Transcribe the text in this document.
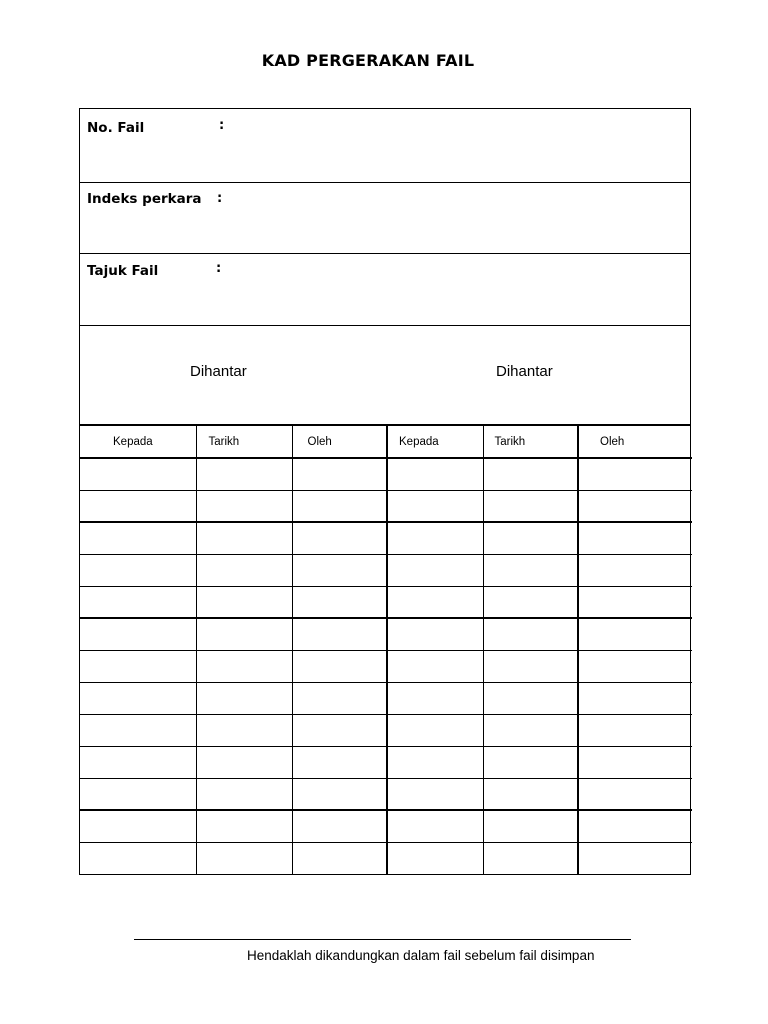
KAD PERGERAKAN FAIL
No. Fail	:
Indeks perkara :
Tajuk Fail	:
Dihantar	Dihantar
Kepada	Tarikh	Oleh	Kepada	Tarikh	Oleh

Hendaklah dikandungkan dalam fail sebelum fail disimpan
